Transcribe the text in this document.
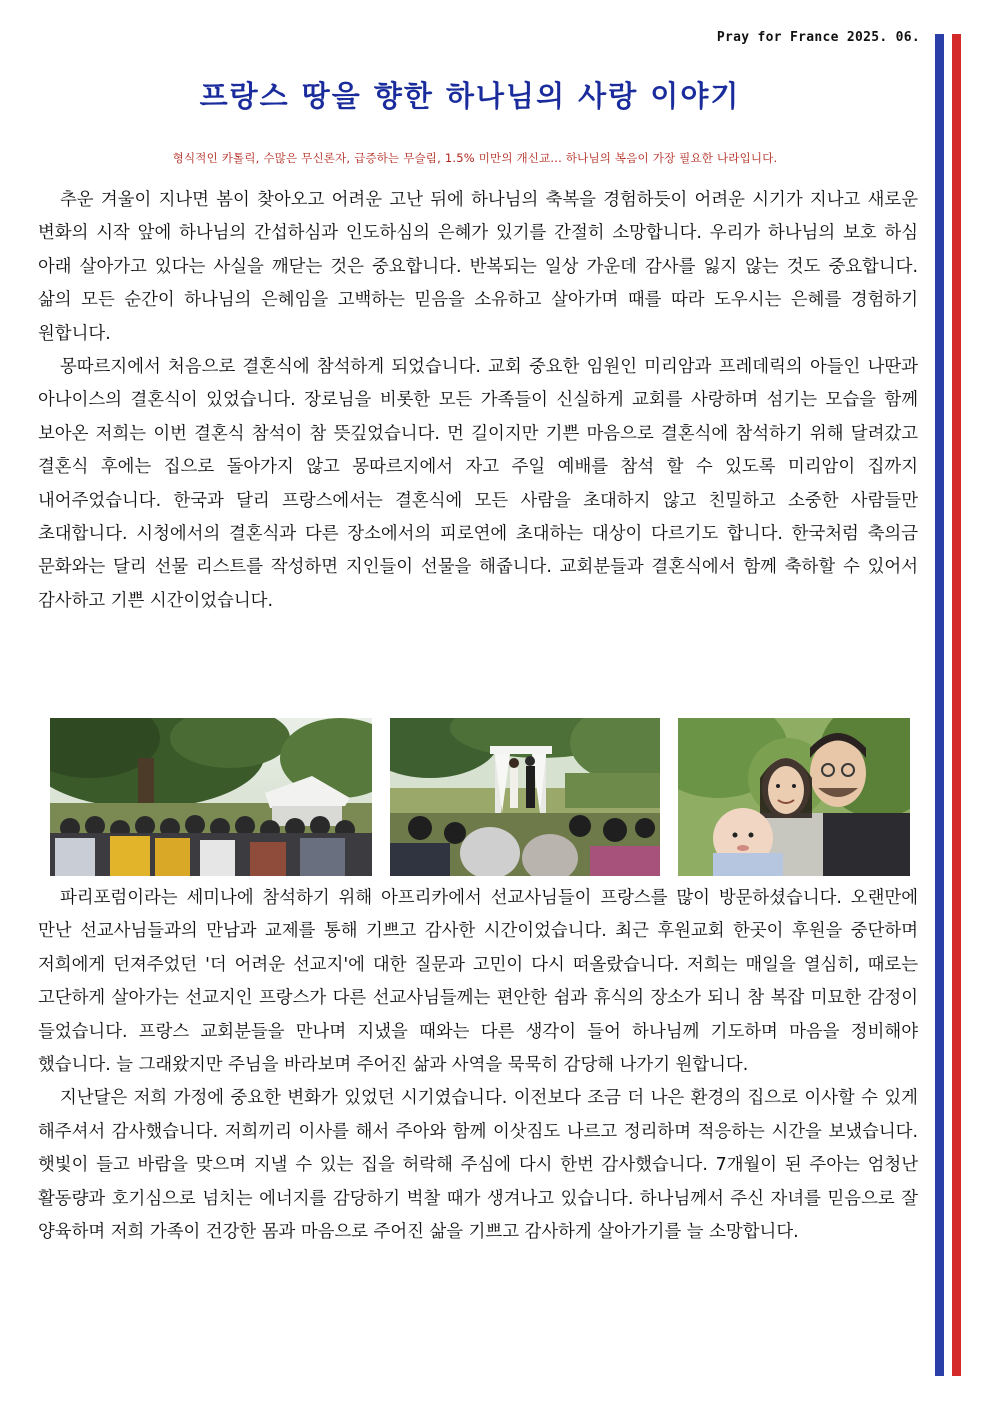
Pray for France 2025. 06.
프랑스 땅을 향한 하나님의 사랑 이야기
형식적인 카톨릭, 수많은 무신론자, 급증하는 무슬림, 1.5% 미만의 개신교... 하나님의 복음이 가장 필요한 나라입니다.

추운 겨울이 지나면 봄이 찾아오고 어려운 고난 뒤에 하나님의 축복을 경험하듯이 어려운 시기가 지나고 새로운 변화의 시작 앞에 하나님의 간섭하심과 인도하심의 은혜가 있기를 간절히 소망합니다. 우리가 하나님의 보호 하심 아래 살아가고 있다는 사실을 깨닫는 것은 중요합니다. 반복되는 일상 가운데 감사를 잃지 않는 것도 중요합니다. 삶의 모든 순간이 하나님의 은혜임을 고백하는 믿음을 소유하고 살아가며 때를 따라 도우시는 은혜를 경험하기 원합니다.

몽따르지에서 처음으로 결혼식에 참석하게 되었습니다. 교회 중요한 임원인 미리암과 프레데릭의 아들인 나딴과 아나이스의 결혼식이 있었습니다. 장로님을 비롯한 모든 가족들이 신실하게 교회를 사랑하며 섬기는 모습을 함께 보아온 저희는 이번 결혼식 참석이 참 뜻깊었습니다. 먼 길이지만 기쁜 마음으로 결혼식에 참석하기 위해 달려갔고 결혼식 후에는 집으로 돌아가지 않고 몽따르지에서 자고 주일 예배를 참석 할 수 있도록 미리암이 집까지 내어주었습니다. 한국과 달리 프랑스에서는 결혼식에 모든 사람을 초대하지 않고 친밀하고 소중한 사람들만 초대합니다. 시청에서의 결혼식과 다른 장소에서의 피로연에 초대하는 대상이 다르기도 합니다. 한국처럼 축의금 문화와는 달리 선물 리스트를 작성하면 지인들이 선물을 해줍니다. 교회분들과 결혼식에서 함께 축하할 수 있어서 감사하고 기쁜 시간이었습니다.

파리포럼이라는 세미나에 참석하기 위해 아프리카에서 선교사님들이 프랑스를 많이 방문하셨습니다. 오랜만에 만난 선교사님들과의 만남과 교제를 통해 기쁘고 감사한 시간이었습니다. 최근 후원교회 한곳이 후원을 중단하며 저희에게 던져주었던 '더 어려운 선교지'에 대한 질문과 고민이 다시 떠올랐습니다. 저희는 매일을 열심히, 때로는 고단하게 살아가는 선교지인 프랑스가 다른 선교사님들께는 편안한 쉼과 휴식의 장소가 되니 참 복잡 미묘한 감정이 들었습니다. 프랑스 교회분들을 만나며 지냈을 때와는 다른 생각이 들어 하나님께 기도하며 마음을 정비해야 했습니다. 늘 그래왔지만 주님을 바라보며 주어진 삶과 사역을 묵묵히 감당해 나가기 원합니다.

지난달은 저희 가정에 중요한 변화가 있었던 시기였습니다. 이전보다 조금 더 나은 환경의 집으로 이사할 수 있게 해주셔서 감사했습니다. 저희끼리 이사를 해서 주아와 함께 이삿짐도 나르고 정리하며 적응하는 시간을 보냈습니다. 햇빛이 들고 바람을 맞으며 지낼 수 있는 집을 허락해 주심에 다시 한번 감사했습니다. 7개월이 된 주아는 엄청난 활동량과 호기심으로 넘치는 에너지를 감당하기 벅찰 때가 생겨나고 있습니다. 하나님께서 주신 자녀를 믿음으로 잘 양육하며 저희 가족이 건강한 몸과 마음으로 주어진 삶을 기쁘고 감사하게 살아가기를 늘 소망합니다.
